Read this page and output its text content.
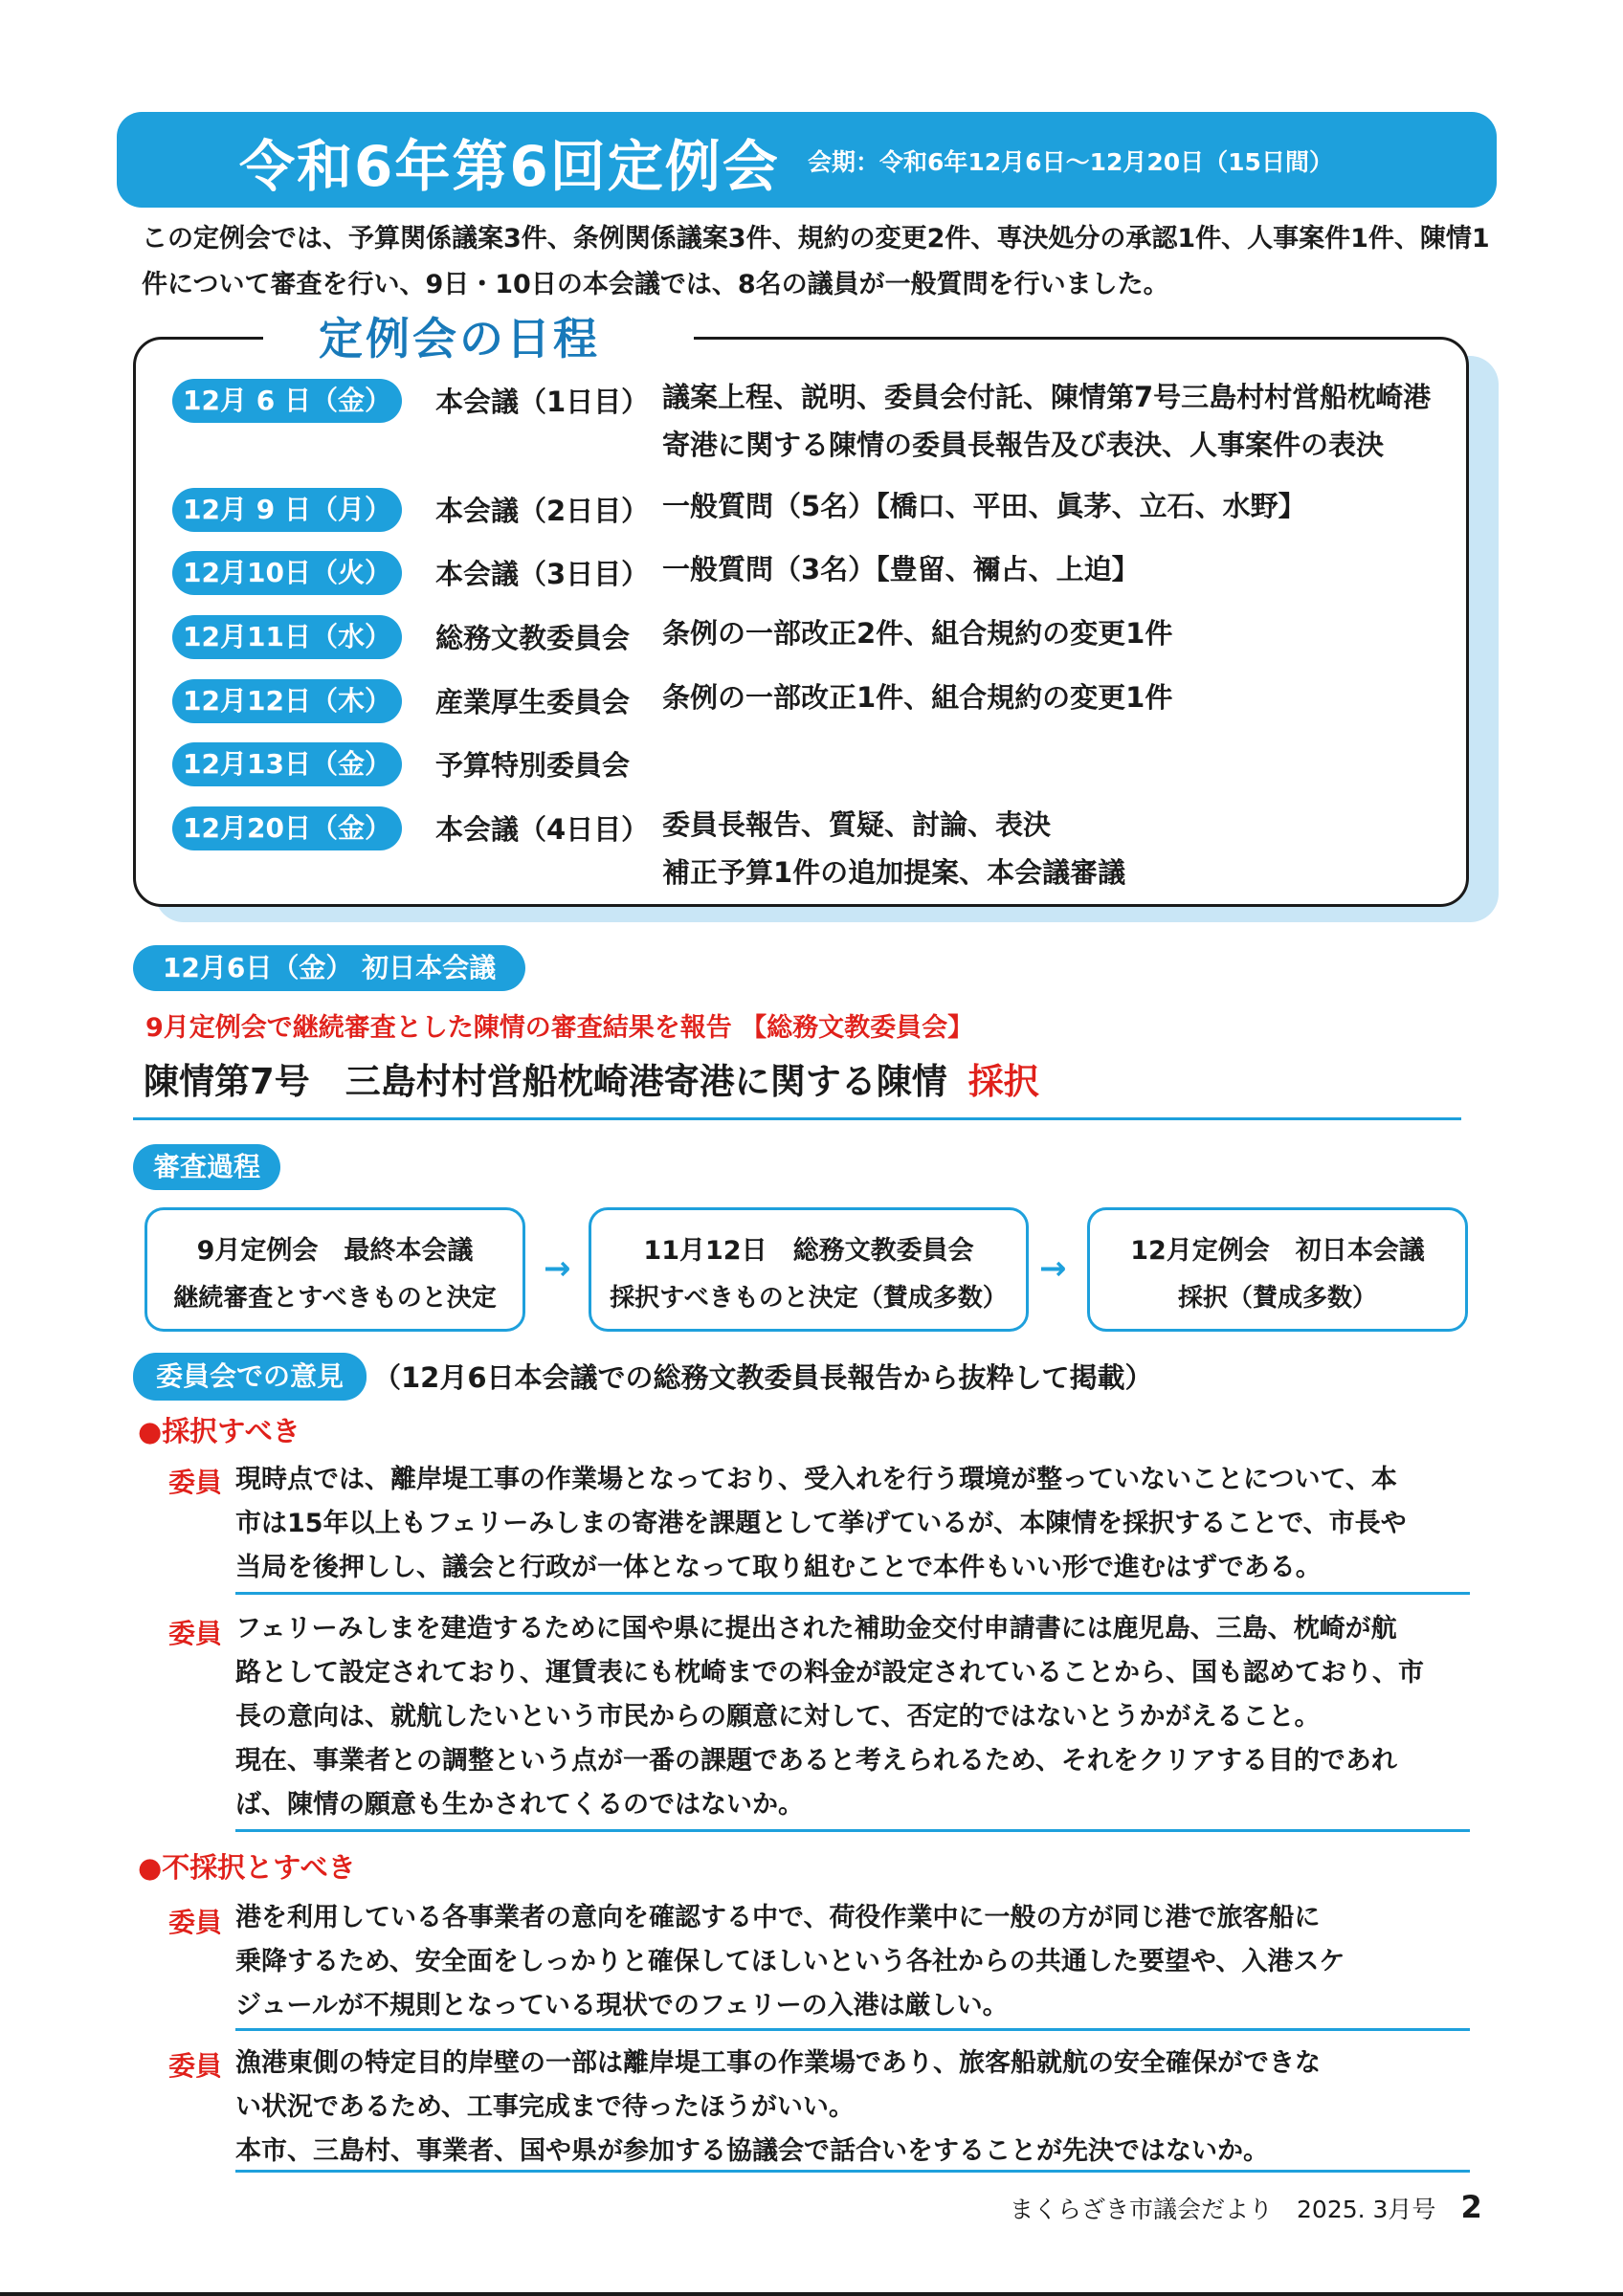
令和6年第6回定例会 会期：令和6年12月6日～12月20日（15日間）
この定例会では、予算関係議案3件、条例関係議案3件、規約の変更2件、専決処分の承認1件、人事案件1件、陳情1件について審査を行い、9日・10日の本会議では、8名の議員が一般質問を行いました。
定例会の日程
12月 6 日（金）	本会議（1日目） 議案上程、説明、委員会付託、陳情第7号三島村村営船枕崎港
寄港に関する陳情の委員長報告及び表決、人事案件の表決
12月 9 日（月）	本会議（2日目） 一般質問（5名）【橋口、平田、眞茅、立石、水野】
12月10日（火）	本会議（3日目） 一般質問（3名）【豊留、禰占、上迫】
12月11日（水）	総務文教委員会 条例の一部改正2件、組合規約の変更1件
12月12日（木）	産業厚生委員会 条例の一部改正1件、組合規約の変更1件
12月13日（金）	予算特別委員会
12月20日（金）	本会議（4日目） 委員長報告、質疑、討論、表決
補正予算1件の追加提案、本会議審議
12月6日（金） 初日本会議
9月定例会で継続審査とした陳情の審査結果を報告 【総務文教委員会】
陳情第7号　三島村村営船枕崎港寄港に関する陳情 採択
審査過程
9月定例会　最終本会議
継続審査とすべきものと決定
→	11月12日　総務文教委員会
採択すべきものと決定（賛成多数）
→	12月定例会　初日本会議
採択（賛成多数）
委員会での意見	（12月6日本会議での総務文教委員長報告から抜粋して掲載）
●採択すべき
委員 現時点では、離岸堤工事の作業場となっており、受入れを行う環境が整っていないことについて、本

市は15年以上もフェリーみしまの寄港を課題として挙げているが、本陳情を採択することで、市長や

当局を後押しし、議会と行政が一体となって取り組むことで本件もいい形で進むはずである。

委員 フェリーみしまを建造するために国や県に提出された補助金交付申請書には鹿児島、三島、枕崎が航

路として設定されており、運賃表にも枕崎までの料金が設定されていることから、国も認めており、市

長の意向は、就航したいという市民からの願意に対して、否定的ではないとうかがえること。

現在、事業者との調整という点が一番の課題であると考えられるため、それをクリアする目的であれ

ば、陳情の願意も生かされてくるのではないか。

●不採択とすべき
委員 港を利用している各事業者の意向を確認する中で、荷役作業中に一般の方が同じ港で旅客船に

乗降するため、安全面をしっかりと確保してほしいという各社からの共通した要望や、入港スケ

ジュールが不規則となっている現状でのフェリーの入港は厳しい。

委員 漁港東側の特定目的岸壁の一部は離岸堤工事の作業場であり、旅客船就航の安全確保ができな

い状況であるため、工事完成まで待ったほうがいい。

本市、三島村、事業者、国や県が参加する協議会で話合いをすることが先決ではないか。

まくらざき市議会だより　2025. 3月号 2
